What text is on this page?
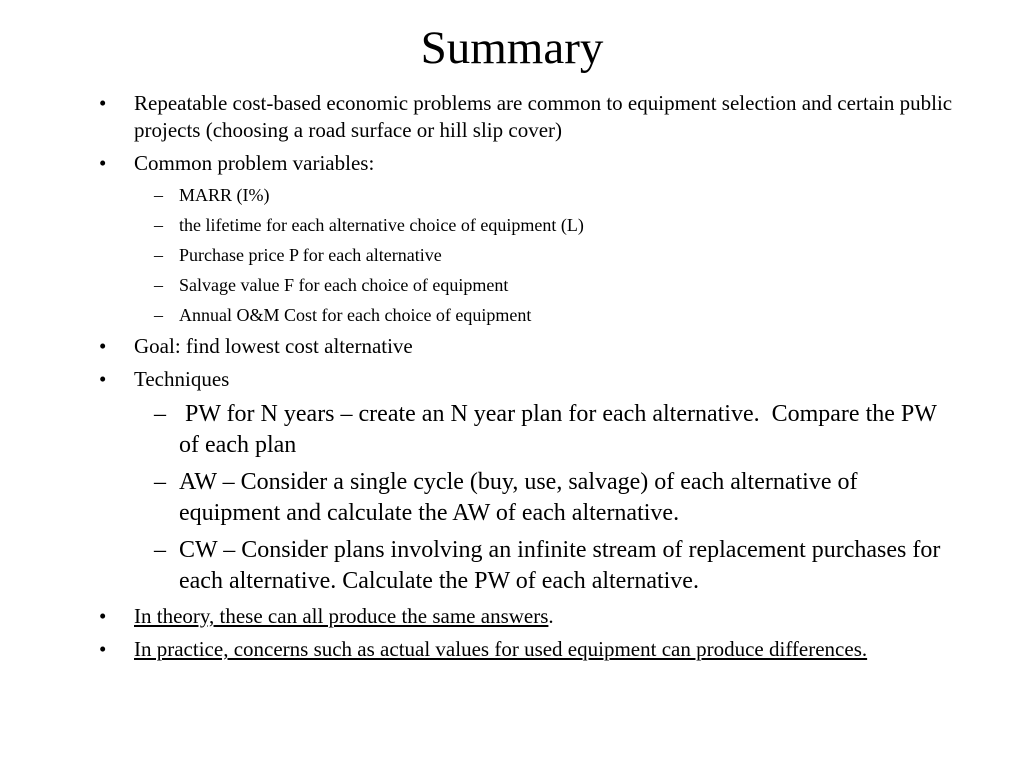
Summary
• Repeatable cost-based economic problems are common to equipment selection and certain public projects (choosing a road surface or hill slip cover)
• Common problem variables:
– MARR (I%)
– the lifetime for each alternative choice of equipment (L)
– Purchase price P for each alternative
– Salvage value F for each choice of equipment
– Annual O&M Cost for each choice of equipment
• Goal: find lowest cost alternative
• Techniques
– PW for N years – create an N year plan for each alternative.  Compare the PW of each plan
– AW – Consider a single cycle (buy, use, salvage) of each alternative of equipment and calculate the AW of each alternative.
– CW – Consider plans involving an infinite stream of replacement purchases for each alternative. Calculate the PW of each alternative.
• In theory, these can all produce the same answers.
• In practice, concerns such as actual values for used equipment can produce differences.
